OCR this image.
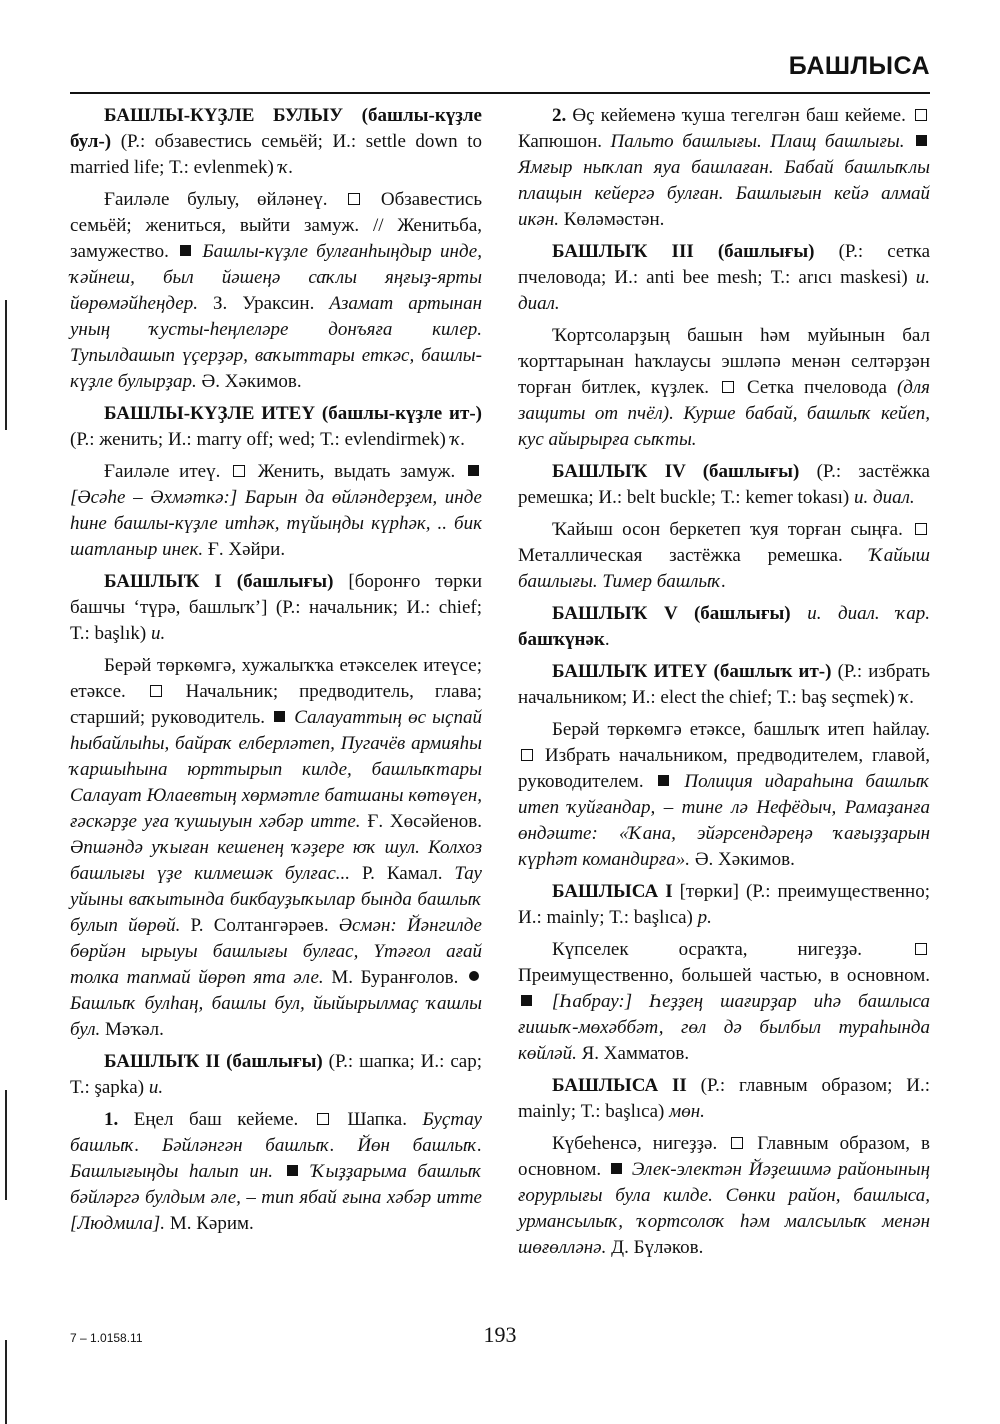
БАШЛЫСА

БАШЛЫ-КҮҘЛЕ БУЛЫУ (башлы-күҙле бул-) (Р.: обзавестись семьёй; И.: settle down to married life; Т.: evlenmek) ҡ.

Ғаиләле булыу, өйләнеү.  Обзавестись семьёй; жениться, выйти замуж. // Женитьба, замужество.  Башлы-күҙле булғанһыңдыр инде, ҡәйнеш, был йәшеңә саҡлы яңғыҙ-ярты йөрөмәйһеңдер. З. Ураксин. Азамат артынан уның ҡусты-һеңлеләре донъяға килер. Тупылдашып үҫерҙәр, ваҡыттары еткәс, башлы-күҙле булырҙар. Ә. Хәкимов.

БАШЛЫ-КҮҘЛЕ ИТЕҮ (башлы-күҙле ит-) (Р.: женить; И.: marry off; wed; Т.: evlendirmek) ҡ.

Ғаиләле итеү.  Женить, выдать замуж.  [Әсәһе – Әхмәткә:] Барын да өйләндерҙем, инде һине башлы-күҙле итһәк, түйыңды күрһәк, .. бик шатланыр инек. Ғ. Хәйри.

БАШЛЫҠ I (башлығы) [боронғо төрки башчы ‘түрә, башлыҡ’] (Р.: начальник; И.: chief; Т.: başlık) и.

Берәй төркөмгә, хужалыҡҡа етәкселек итеүсе; етәксе.  Начальник; предводитель, глава; старший; руководитель.  Салауаттың өс ыҫпай һыбайлыһы, байраҡ елберләтеп, Пугачёв армияһы ҡаршыһына юрттырып килде, башлыҡтары Салауат Юлаевтың хөрмәтле батшаны көтөүен, ғәскәрҙе уға ҡушыуын хәбәр итте. Ғ. Хөсәйенов. Әпшәндә уҡыған кешенең ҡәҙере юҡ шул. Колхоз башлығы үҙе килмешәк булғас... Р. Камал. Тау уйыны ваҡытында бикбауҙыҡылар бында башлыҡ булып йөрөй. Р. Солтангәрәев. Әсмән: Йәнгилде бөрйән ырыуы башлығы булғас, Үтәғол ағай толка тапмай йөрөп ята әле. М. Буранғолов.  Башлыҡ булһаң, башлы бул, йыйырылмаҫ ҡашлы бул. Мәҡәл.

БАШЛЫҠ II (башлығы) (Р.: шапка; И.: cap; Т.: şapka) и.

1. Еңел баш кейеме.  Шапка. Буҫтау башлыҡ. Бәйләнгән башлыҡ. Йөн башлыҡ. Башлығыңды һалып ин.  Ҡыҙҙарыма башлыҡ бәйләргә булдым әле, – тип ябай ғына хәбәр итте [Людмила]. М. Кәрим.

2. Өҫ кейеменә ҡуша тегелгән баш кейеме.  Капюшон. Пальто башлығы. Плащ башлығы.  Ямғыр ныҡлап яуа башлаған. Бабай башлыҡлы плащын кейергә булған. Башлығын кейә алмай икән. Көләмәстән.

БАШЛЫҠ III (башлығы) (Р.: сетка пчеловода; И.: anti bee mesh; Т.: arıcı maskesi) и. диал.

Ҡортсоларҙың башын һәм муйынын бал ҡорттарынан һаҡлаусы эшләпә менән селтәрҙән торған битлек, күҙлек.  Сетка пчеловода (для защиты от пчёл). Курше бабай, башлыҡ кейеп, кус айырырға сыҡты.

БАШЛЫҠ IV (башлығы) (Р.: застёжка ремешка; И.: belt buckle; Т.: kemer tokası) и. диал.

Ҡайыш осон беркетеп ҡуя торған сыңға.  Металлическая застёжка ремешка. Ҡайыш башлығы. Тимер башлыҡ.

БАШЛЫҠ V (башлығы) и. диал. ҡар. башҡүнәк.

БАШЛЫҠ ИТЕҮ (башлыҡ ит-) (Р.: избрать начальником; И.: elect the chief; Т.: baş seçmek) ҡ.

Берәй төркөмгә етәксе, башлыҡ итеп һайлау.  Избрать начальником, предводителем, главой, руководителем.  Полиция идараһына башлыҡ итеп ҡуйғандар, – тине лә Нефёдыч, Рамаҙанға өндәште: «Ҡана, эйәрсендәреңә ҡағыҙҙарын күрһәт командирға». Ә. Хәкимов.

БАШЛЫСА I [төрки] (Р.: преимущественно; И.: mainly; Т.: başlıca) р.

Күпселек осраҡта, нигеҙҙә.  Преимущественно, большей частью, в основном.  [Һабрау:] Һеҙҙең шағирҙар иһә башлыса ғишыҡ-мөхәббәт, гөл дә былбыл тураһында көйләй. Я. Хамматов.

БАШЛЫСА II (Р.: главным образом; И.: mainly; Т.: başlıca) мөн.

Күбеһенсә, нигеҙҙә.  Главным образом, в основном.  Элек-электән Йәҙешимә районының ғорурлығы була килде. Сөнки район, башлыса, урмансылыҡ, ҡортсолоҡ һәм малсылыҡ менән шөғөлләнә. Д. Бүләков.

7 – 1.0158.11	193
